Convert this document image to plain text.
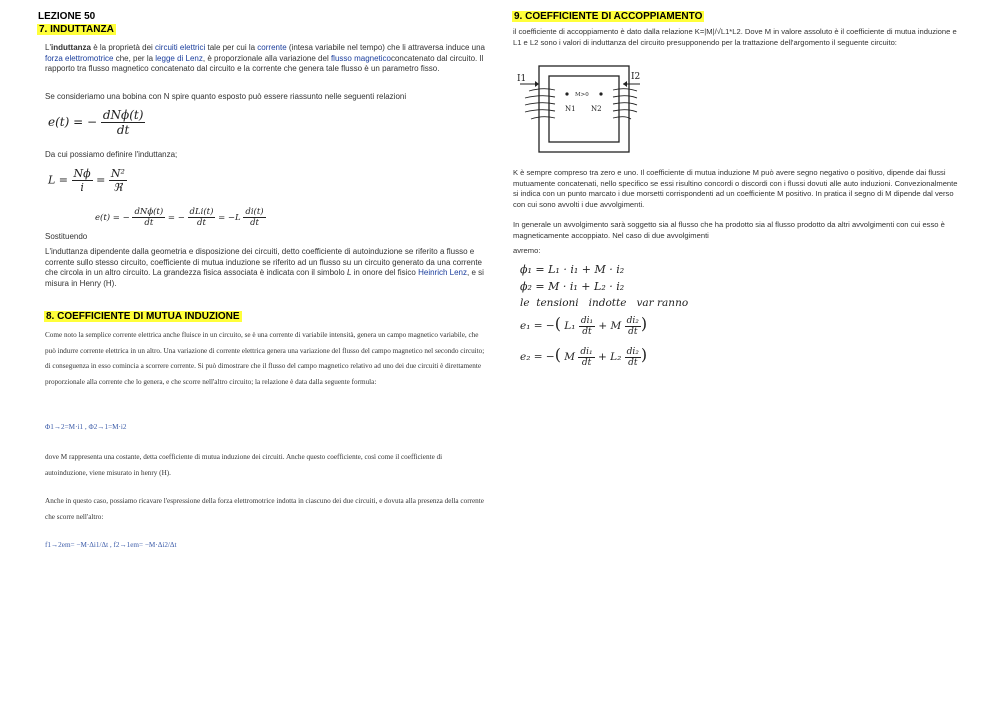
LEZIONE 50
7. INDUTTANZA
L'induttanza è la proprietà dei circuiti elettrici tale per cui la corrente (intesa variabile nel tempo) che li attraversa induce una forza elettromotrice che, per la legge di Lenz, è proporzionale alla variazione del flusso magneticoconcatenato dal circuito. Il rapporto tra flusso magnetico concatenato dal circuito e la corrente che genera tale flusso è un parametro fisso.
Se consideriamo una bobina con N spire quanto esposto può essere riassunto nelle seguenti relazioni
e(t) = − $\frac{\text{dNϕ(t)}}{dt}$
Da cui possiamo definire l'induttanza;
$L = \frac{N\phi}{i} = \frac{\text{N²}}{\text{ℜ}}$
e(t) = − $\frac{\text{dNϕ(t)}}{dt}$ = − $\frac{\text{dLi(t)}}{dt} = -L \frac{di(t)}{dt}$
Sostituendo
L'induttanza dipendente dalla geometria e disposizione dei circuiti, detto coefficiente di autoinduzione se riferito a flusso e corrente sullo stesso circuito, coefficiente di mutua induzione se riferito ad un flusso su un circuito generato da una corrente che circola in un altro circuito. La grandezza fisica associata è indicata con il simbolo L in onore del fisico Heinrich Lenz, e si misura in Henry (H).
8. COEFFICIENTE DI MUTUA INDUZIONE
Come noto la semplice corrente elettrica anche fluisce in un circuito, se è una corrente di variabile intensità, genera un campo magnetico variabile, che può indurre corrente elettrica in un altro. Una variazione di corrente elettrica genera una variazione del flusso del campo magnetico nel secondo circuito; di conseguenza in esso comincia a scorrere corrente. Si può dimostrare che il flusso del campo magnetico relativo ad uno dei due circuiti è direttamente proporzionale alla corrente che lo genera, e che scorre nell'altro circuito; la relazione è data dalla seguente formula:
Φ1→2=M·i1 , Φ2→1=M·i2
dove M rappresenta una costante, detta coefficiente di mutua induzione dei circuiti. Anche questo coefficiente, così come il coefficiente di autoinduzione, viene misurato in henry (H).
Anche in questo caso, possiamo ricavare l'espressione della forza elettromotrice indotta in ciascuno dei due circuiti, e dovuta alla presenza della corrente che scorre nell'altro:
f1→2em= −M·Δi1/Δt , f2→1em= −M·Δi2/Δt
9. COEFFICIENTE DI ACCOPPIAMENTO
il coefficiente di accoppiamento è dato dalla relazione K=|M|/√L1*L2. Dove M in valore assoluto è il coefficiente di mutua induzione e L1 e L2 sono i valori di induttanza del circuito presupponendo per la trattazione dell'argomento il seguente circuito:
I1	I2
M>0
N1 N2
K è sempre compreso tra zero e uno. Il coefficiente di mutua induzione M può avere segno negativo o positivo, dipende dai flussi mutuamente concatenati, nello specifico se essi risultino concordi o discordi con i flussi dovuti alle auto induzioni. Convezionalmente si indica con un punto marcato i due morsetti corrispondenti ad un coefficiente M positivo. In pratica il segno di M dipende dal verso con cui sono avvolti i due avvolgimenti.
In generale un avvolgimento sarà soggetto sia al flusso che ha prodotto sia al flusso prodotto da altri avvolgimenti con cui esso è magneticamente accoppiato. Nel caso di due avvolgimenti
avremo:
ϕ₁ = L₁ · i₁ + M · i₂
ϕ₂ = M · i₁ + L₂ · i₂
le  tensioni   indotte   var ranno
e₁ = −( $L_1 \frac{\text{di₁}}{dt} + M \frac{\text{di₂}}{dt}$ )
e₂ = −( M $\frac{\text{di₁}}{dt} + L_2 \frac{\text{di₂}}{dt}$ )
